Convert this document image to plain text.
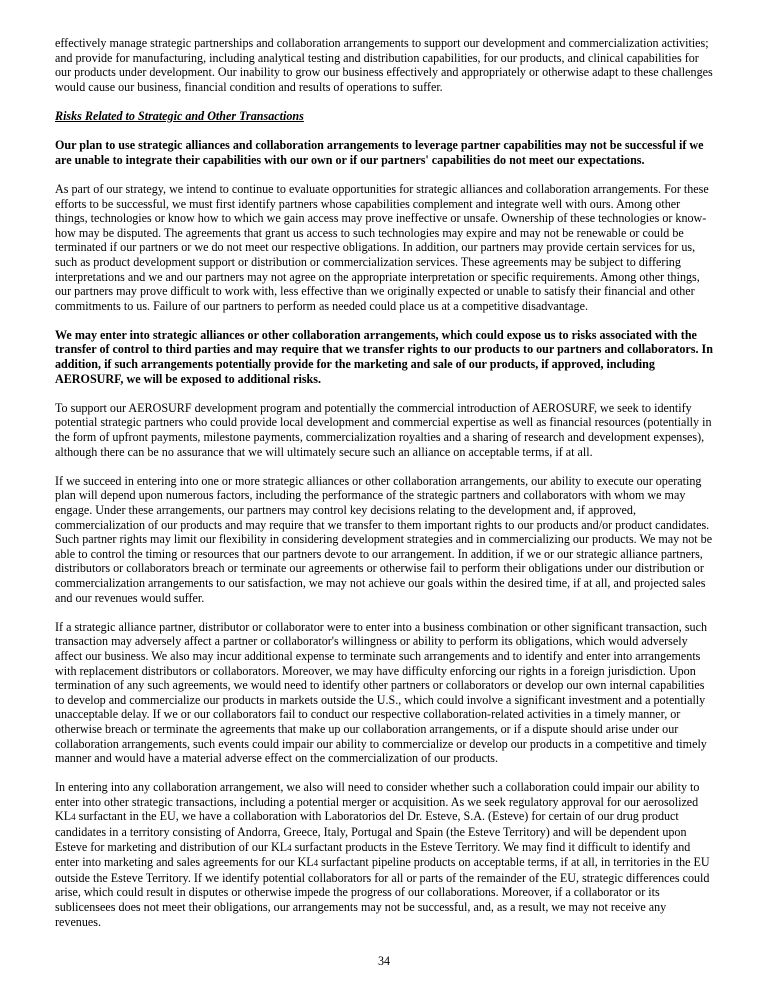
effectively manage strategic partnerships and collaboration arrangements to support our development and commercialization activities; and provide for manufacturing, including analytical testing and distribution capabilities, for our products, and clinical capabilities for our products under development. Our inability to grow our business effectively and appropriately or otherwise adapt to these challenges would cause our business, financial condition and results of operations to suffer.

Risks Related to Strategic and Other Transactions

Our plan to use strategic alliances and collaboration arrangements to leverage partner capabilities may not be successful if we are unable to integrate their capabilities with our own or if our partners' capabilities do not meet our expectations.

As part of our strategy, we intend to continue to evaluate opportunities for strategic alliances and collaboration arrangements. For these efforts to be successful, we must first identify partners whose capabilities complement and integrate well with ours. Among other things, technologies or know how to which we gain access may prove ineffective or unsafe. Ownership of these technologies or know-how may be disputed. The agreements that grant us access to such technologies may expire and may not be renewable or could be terminated if our partners or we do not meet our respective obligations. In addition, our partners may provide certain services for us, such as product development support or distribution or commercialization services. These agreements may be subject to differing interpretations and we and our partners may not agree on the appropriate interpretation or specific requirements. Among other things, our partners may prove difficult to work with, less effective than we originally expected or unable to satisfy their financial and other commitments to us. Failure of our partners to perform as needed could place us at a competitive disadvantage.

We may enter into strategic alliances or other collaboration arrangements, which could expose us to risks associated with the transfer of control to third parties and may require that we transfer rights to our products to our partners and collaborators. In addition, if such arrangements potentially provide for the marketing and sale of our products, if approved, including AEROSURF, we will be exposed to additional risks.

To support our AEROSURF development program and potentially the commercial introduction of AEROSURF, we seek to identify potential strategic partners who could provide local development and commercial expertise as well as financial resources (potentially in the form of upfront payments, milestone payments, commercialization royalties and a sharing of research and development expenses), although there can be no assurance that we will ultimately secure such an alliance on acceptable terms, if at all.

If we succeed in entering into one or more strategic alliances or other collaboration arrangements, our ability to execute our operating plan will depend upon numerous factors, including the performance of the strategic partners and collaborators with whom we may engage. Under these arrangements, our partners may control key decisions relating to the development and, if approved, commercialization of our products and may require that we transfer to them important rights to our products and/or product candidates. Such partner rights may limit our flexibility in considering development strategies and in commercializing our products. We may not be able to control the timing or resources that our partners devote to our arrangement. In addition, if we or our strategic alliance partners, distributors or collaborators breach or terminate our agreements or otherwise fail to perform their obligations under our distribution or commercialization arrangements to our satisfaction, we may not achieve our goals within the desired time, if at all, and projected sales and our revenues would suffer.

If a strategic alliance partner, distributor or collaborator were to enter into a business combination or other significant transaction, such transaction may adversely affect a partner or collaborator's willingness or ability to perform its obligations, which would adversely affect our business. We also may incur additional expense to terminate such arrangements and to identify and enter into arrangements with replacement distributors or collaborators. Moreover, we may have difficulty enforcing our rights in a foreign jurisdiction. Upon termination of any such agreements, we would need to identify other partners or collaborators or develop our own internal capabilities to develop and commercialize our products in markets outside the U.S., which could involve a significant investment and a potentially unacceptable delay. If we or our collaborators fail to conduct our respective collaboration-related activities in a timely manner, or otherwise breach or terminate the agreements that make up our collaboration arrangements, or if a dispute should arise under our collaboration arrangements, such events could impair our ability to commercialize or develop our products in a competitive and timely manner and would have a material adverse effect on the commercialization of our products.

In entering into any collaboration arrangement, we also will need to consider whether such a collaboration could impair our ability to enter into other strategic transactions, including a potential merger or acquisition. As we seek regulatory approval for our aerosolized KL4 surfactant in the EU, we have a collaboration with Laboratorios del Dr. Esteve, S.A. (Esteve) for certain of our drug product candidates in a territory consisting of Andorra, Greece, Italy, Portugal and Spain (the Esteve Territory) and will be dependent upon Esteve for marketing and distribution of our KL4 surfactant products in the Esteve Territory. We may find it difficult to identify and enter into marketing and sales agreements for our KL4 surfactant pipeline products on acceptable terms, if at all, in territories in the EU outside the Esteve Territory. If we identify potential collaborators for all or parts of the remainder of the EU, strategic differences could arise, which could result in disputes or otherwise impede the progress of our collaborations. Moreover, if a collaborator or its sublicensees does not meet their obligations, our arrangements may not be successful, and, as a result, we may not receive any revenues.

34
